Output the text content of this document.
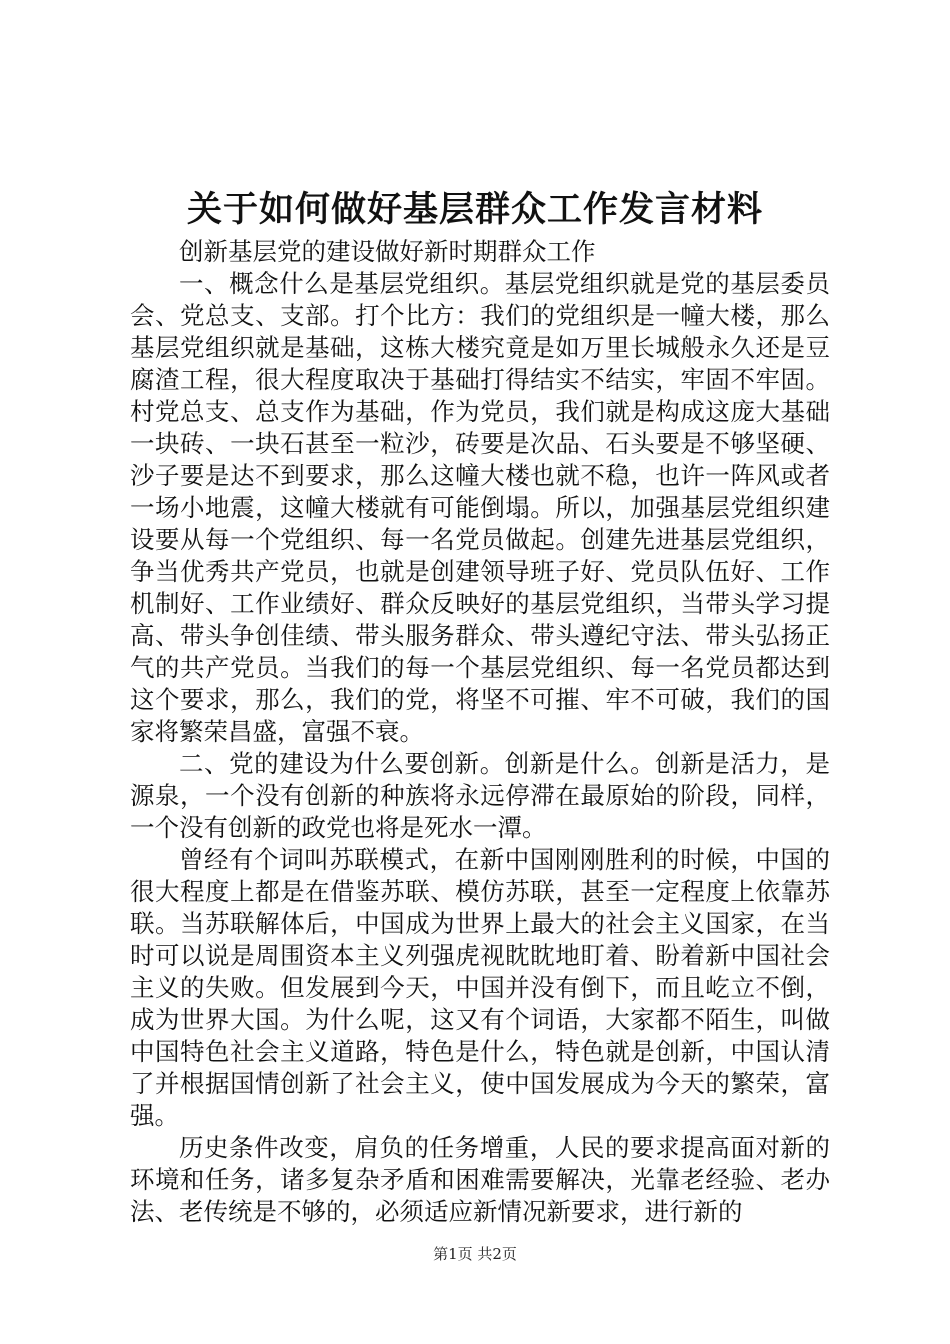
关于如何做好基层群众工作发言材料

创新基层党的建设做好新时期群众工作

一、概念什么是基层党组织。基层党组织就是党的基层委员会、党总支、支部。打个比方：我们的党组织是一幢大楼，那么基层党组织就是基础，这栋大楼究竟是如万里长城般永久还是豆腐渣工程，很大程度取决于基础打得结实不结实，牢固不牢固。村党总支、总支作为基础，作为党员，我们就是构成这庞大基础一块砖、一块石甚至一粒沙，砖要是次品、石头要是不够坚硬、沙子要是达不到要求，那么这幢大楼也就不稳，也许一阵风或者一场小地震，这幢大楼就有可能倒塌。所以，加强基层党组织建设要从每一个党组织、每一名党员做起。创建先进基层党组织，争当优秀共产党员，也就是创建领导班子好、党员队伍好、工作机制好、工作业绩好、群众反映好的基层党组织，当带头学习提高、带头争创佳绩、带头服务群众、带头遵纪守法、带头弘扬正气的共产党员。当我们的每一个基层党组织、每一名党员都达到这个要求，那么，我们的党，将坚不可摧、牢不可破，我们的国家将繁荣昌盛，富强不衰。

二、党的建设为什么要创新。创新是什么。创新是活力，是源泉，一个没有创新的种族将永远停滞在最原始的阶段，同样，一个没有创新的政党也将是死水一潭。

曾经有个词叫苏联模式，在新中国刚刚胜利的时候，中国的很大程度上都是在借鉴苏联、模仿苏联，甚至一定程度上依靠苏联。当苏联解体后，中国成为世界上最大的社会主义国家，在当时可以说是周围资本主义列强虎视眈眈地盯着、盼着新中国社会主义的失败。但发展到今天，中国并没有倒下，而且屹立不倒，成为世界大国。为什么呢，这又有个词语，大家都不陌生，叫做中国特色社会主义道路，特色是什么，特色就是创新，中国认清了并根据国情创新了社会主义，使中国发展成为今天的繁荣，富强。

历史条件改变，肩负的任务增重，人民的要求提高面对新的环境和任务，诸多复杂矛盾和困难需要解决，光靠老经验、老办法、老传统是不够的，必须适应新情况新要求，进行新的

第1页 共2页
